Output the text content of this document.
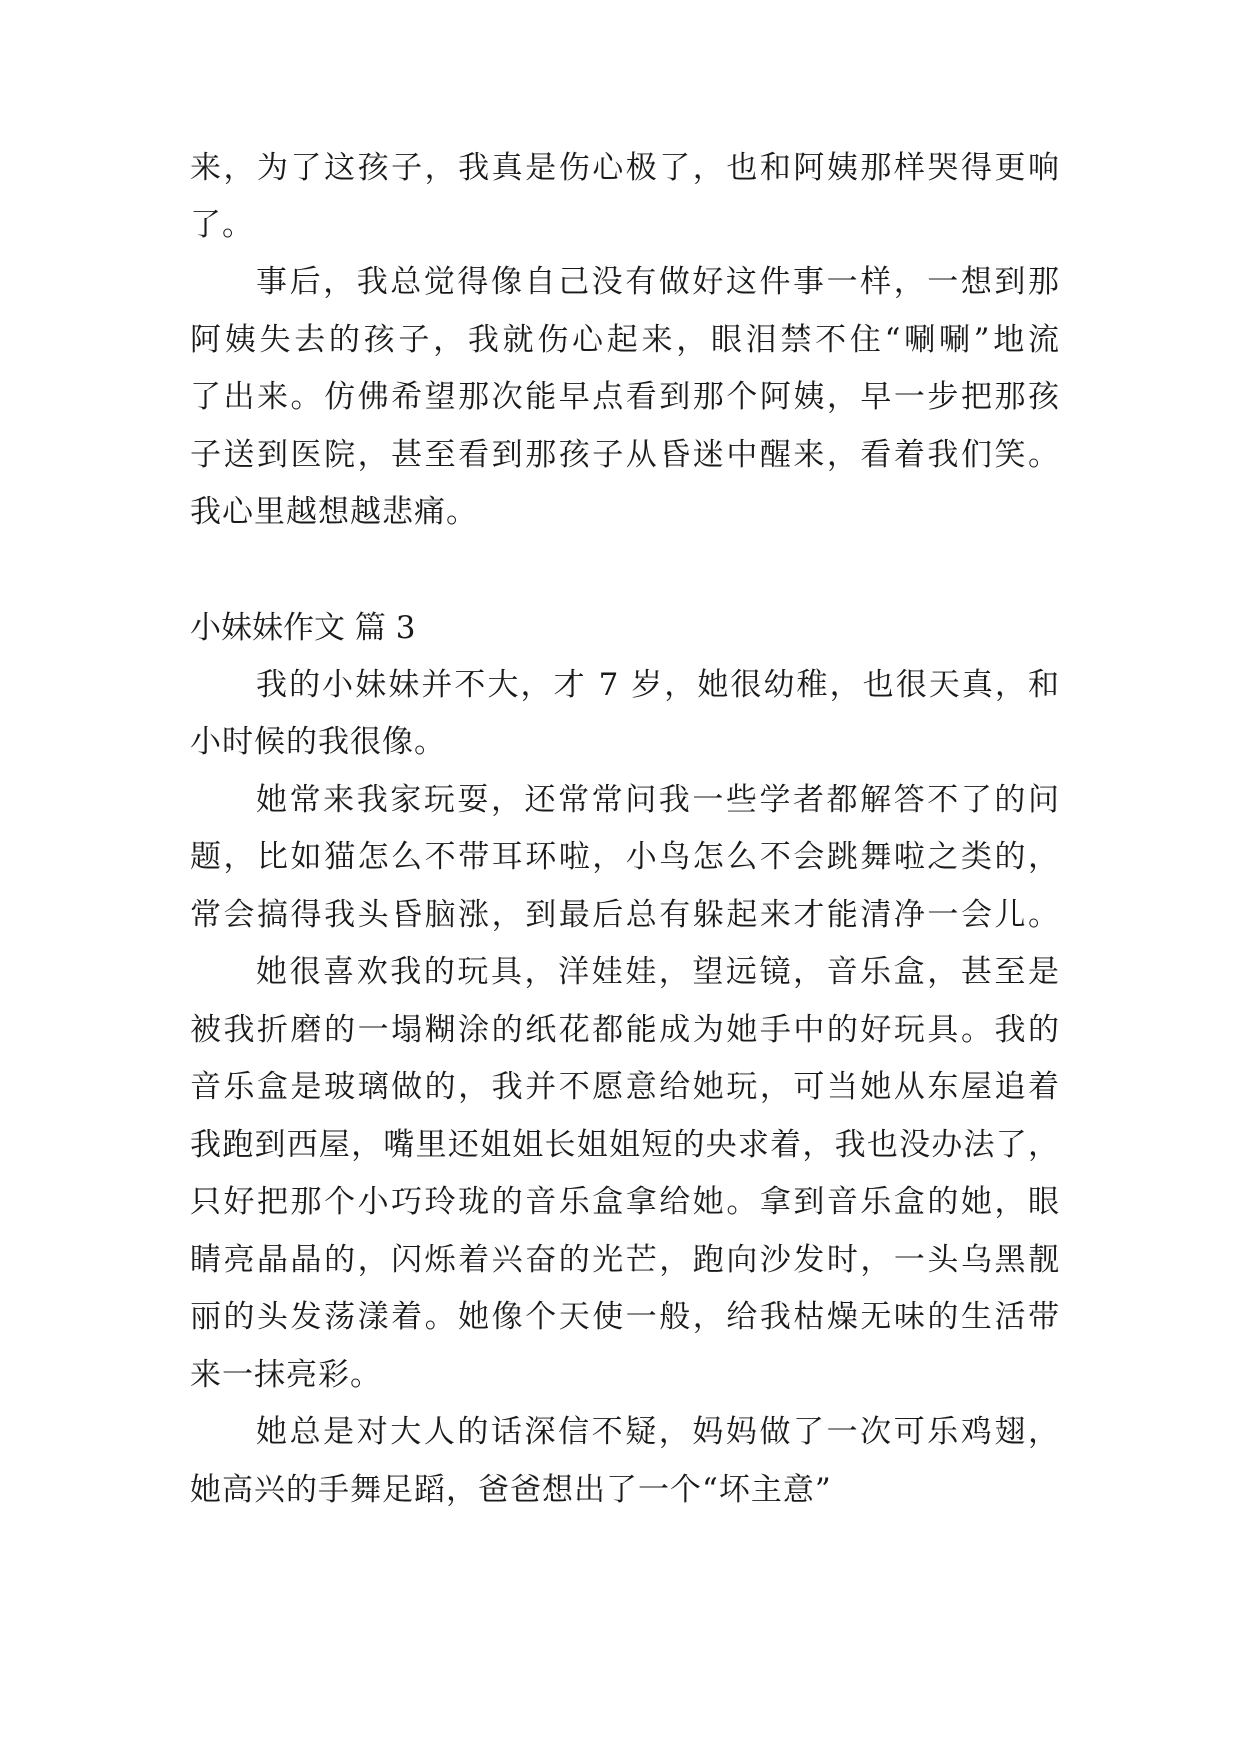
来，为了这孩子，我真是伤心极了，也和阿姨那样哭得更响
了。
事后，我总觉得像自己没有做好这件事一样，一想到那
阿姨失去的孩子，我就伤心起来，眼泪禁不住“唰唰”地流
了出来。仿佛希望那次能早点看到那个阿姨，早一步把那孩
子送到医院，甚至看到那孩子从昏迷中醒来，看着我们笑。
我心里越想越悲痛。
小妹妹作文 篇 3
我的小妹妹并不大，才 7 岁，她很幼稚，也很天真，和
小时候的我很像。
她常来我家玩耍，还常常问我一些学者都解答不了的问
题，比如猫怎么不带耳环啦，小鸟怎么不会跳舞啦之类的，
常会搞得我头昏脑涨，到最后总有躲起来才能清净一会儿。
她很喜欢我的玩具，洋娃娃，望远镜，音乐盒，甚至是
被我折磨的一塌糊涂的纸花都能成为她手中的好玩具。我的
音乐盒是玻璃做的，我并不愿意给她玩，可当她从东屋追着
我跑到西屋，嘴里还姐姐长姐姐短的央求着，我也没办法了，
只好把那个小巧玲珑的音乐盒拿给她。拿到音乐盒的她，眼
睛亮晶晶的，闪烁着兴奋的光芒，跑向沙发时，一头乌黑靓
丽的头发荡漾着。她像个天使一般，给我枯燥无味的生活带
来一抹亮彩。
她总是对大人的话深信不疑，妈妈做了一次可乐鸡翅，
她高兴的手舞足蹈，爸爸想出了一个“坏主意”
